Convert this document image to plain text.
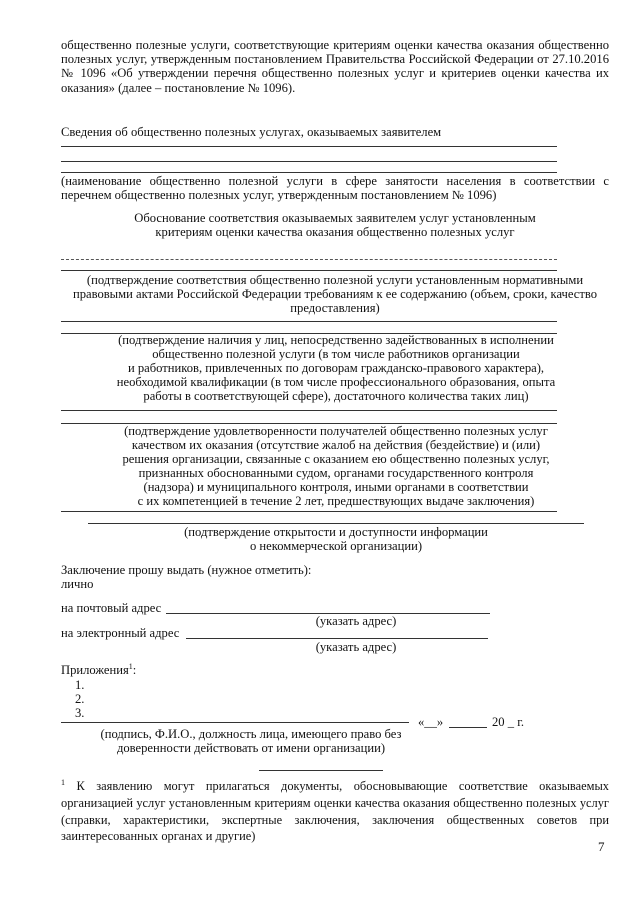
общественно полезные услуги, соответствующие критериям оценки качества оказания общественно полезных услуг, утвержденным постановлением Правительства Российской Федерации от 27.10.2016 № 1096 «Об утверждении перечня общественно полезных услуг и критериев оценки качества их оказания» (далее – постановление № 1096).
Сведения об общественно полезных услугах, оказываемых заявителем
(наименование общественно полезной услуги в сфере занятости населения в соответствии с перечнем общественно полезных услуг, утвержденным постановлением № 1096)
Обоснование соответствия оказываемых заявителем услуг установленным
критериям оценки качества оказания общественно полезных услуг
(подтверждение соответствия общественно полезной услуги установленным нормативными
правовыми актами Российской Федерации требованиям к ее содержанию (объем, сроки, качество
предоставления)
(подтверждение наличия у лиц, непосредственно задействованных в исполнении
общественно полезной услуги (в том числе работников организации
и работников, привлеченных по договорам гражданско-правового характера),
необходимой квалификации (в том числе профессионального образования, опыта
работы в соответствующей сфере), достаточного количества таких лиц)
(подтверждение удовлетворенности получателей общественно полезных услуг
качеством их оказания (отсутствие жалоб на действия (бездействие) и (или)
решения организации, связанные с оказанием ею общественно полезных услуг,
признанных обоснованными судом, органами государственного контроля
(надзора) и муниципального контроля, иными органами в соответствии
с их компетенцией в течение 2 лет, предшествующих выдаче заключения)
(подтверждение открытости и доступности информации
о некоммерческой организации)
Заключение прошу выдать (нужное отметить):
лично
на почтовый адрес
(указать адрес)
на электронный адрес
(указать адрес)
Приложения$^1$:
1.
2.
3.
«__»	20 _ г.
(подпись, Ф.И.О., должность лица, имеющего право без
доверенности действовать от имени организации)
$^1$ К заявлению могут прилагаться документы, обосновывающие соответствие оказываемых организацией услуг установленным критериям оценки качества оказания общественно полезных услуг (справки, характеристики, экспертные заключения, заключения общественных советов при заинтересованных органах и другие)
7
